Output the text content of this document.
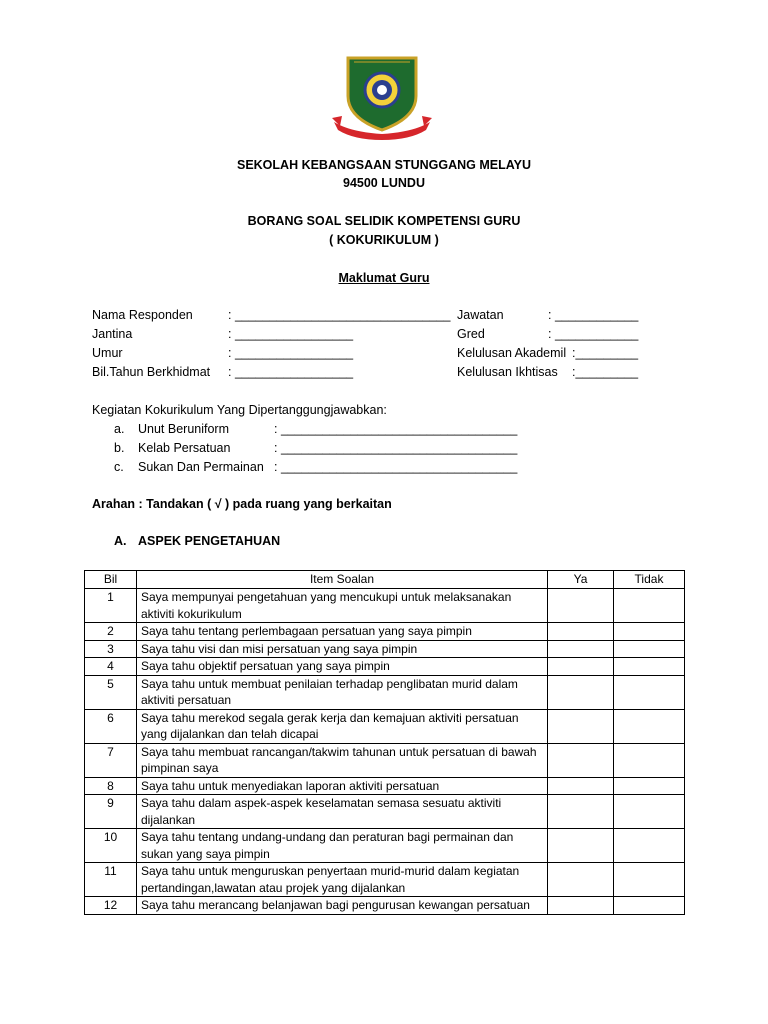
SEKOLAH KEBANGSAAN STUNGGANG MELAYU
94500 LUNDU
BORANG SOAL SELIDIK KOMPETENSI GURU
( KOKURIKULUM )
Maklumat Guru
Nama Responden	: _______________________________
Jantina	: _________________
Umur	: _________________
Bil.Tahun Berkhidmat : _________________
Jawatan	: ____________
Gred	: ____________
Kelulusan Akademil :_________
Kelulusan Ikhtisas :_________
Kegiatan Kokurikulum Yang Dipertanggungjawabkan:
a. Unut Beruniform	: __________________________________
b. Kelab Persatuan	: __________________________________
c. Sukan Dan Permainan : __________________________________
Arahan : Tandakan ( √ ) pada ruang yang berkaitan
A. ASPEK PENGETAHUAN
Bil	Item Soalan	Ya	Tidak
1	Saya mempunyai pengetahuan yang mencukupi untuk melaksanakan aktiviti kokurikulum		
2	Saya tahu tentang perlembagaan persatuan yang saya pimpin		
3	Saya tahu visi dan misi persatuan yang saya pimpin		
4	Saya tahu objektif persatuan yang saya pimpin		
5	Saya tahu untuk membuat penilaian terhadap penglibatan murid dalam aktiviti persatuan		
6	Saya tahu merekod segala gerak kerja dan kemajuan aktiviti persatuan yang dijalankan dan telah dicapai		
7	Saya tahu membuat rancangan/takwim tahunan untuk persatuan di bawah pimpinan saya		
8	Saya tahu untuk menyediakan laporan aktiviti persatuan		
9	Saya tahu dalam aspek-aspek keselamatan semasa sesuatu aktiviti dijalankan		
10	Saya tahu tentang undang-undang dan peraturan bagi permainan dan sukan yang saya pimpin		
11	Saya tahu untuk menguruskan penyertaan murid-murid dalam kegiatan pertandingan,lawatan atau projek yang dijalankan		
12	Saya tahu merancang belanjawan bagi pengurusan kewangan persatuan		
